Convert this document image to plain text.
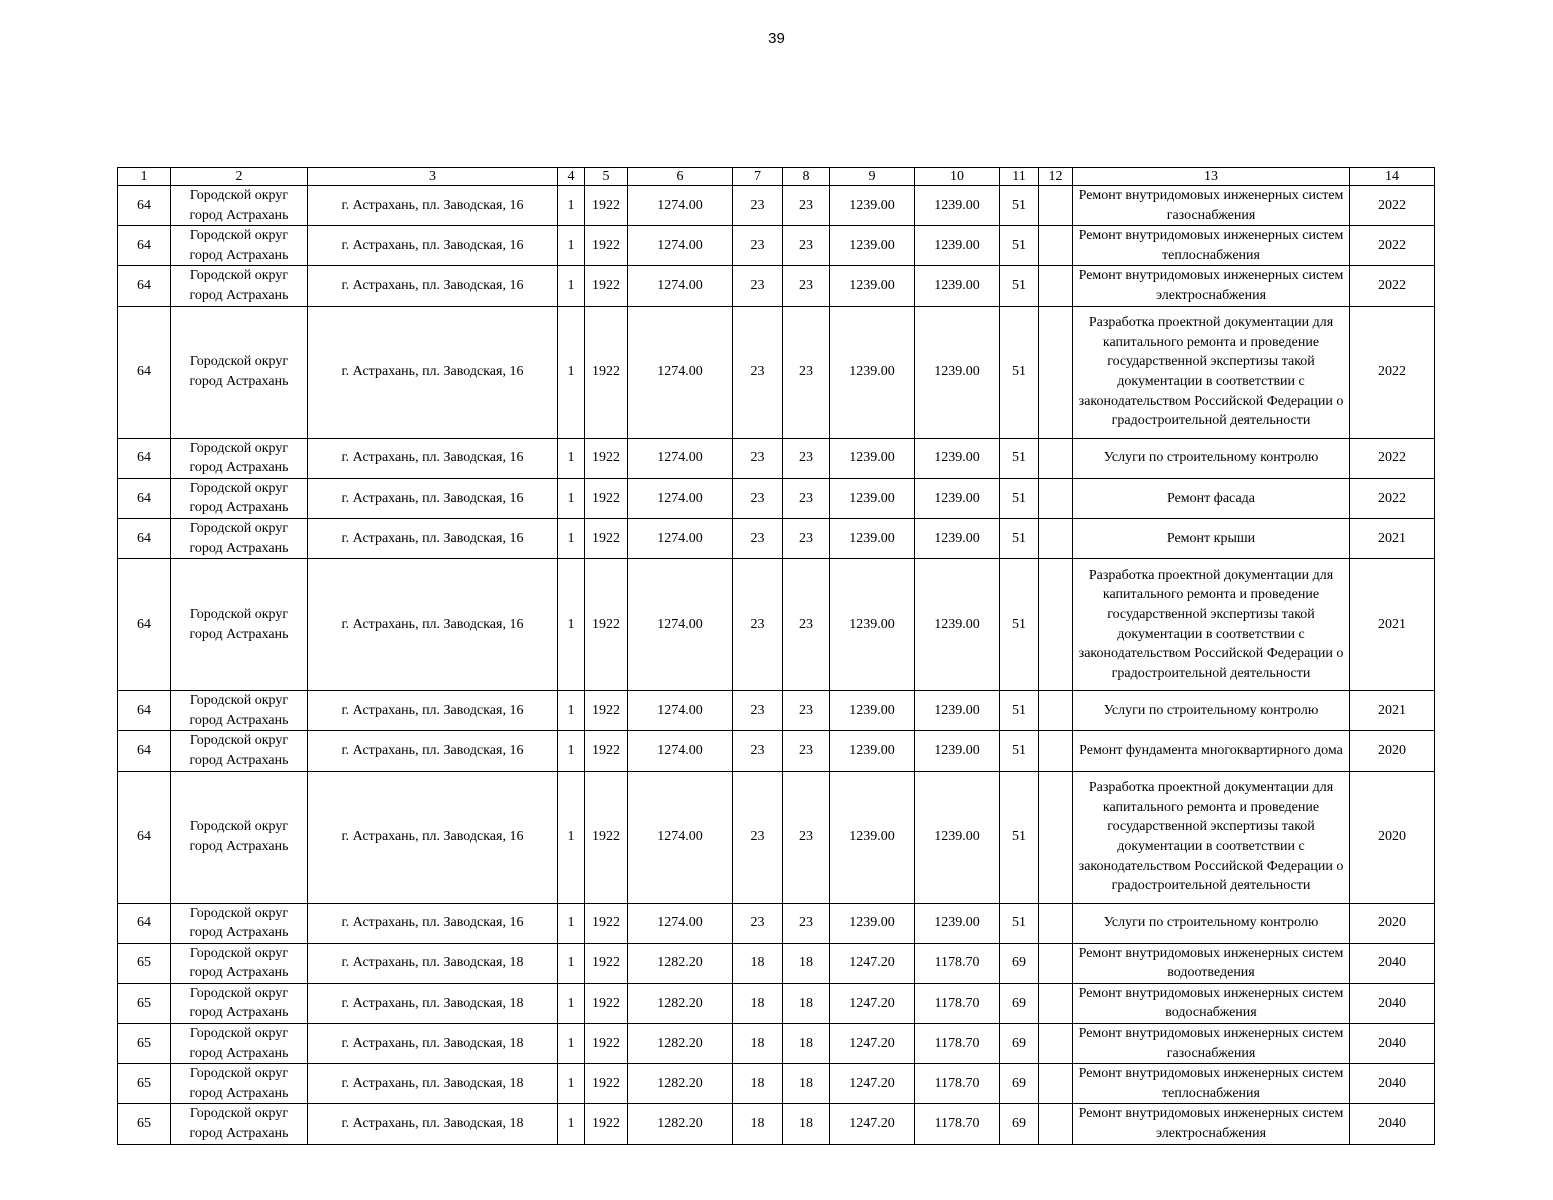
39
1	2	3	4	5	6	7	8	9	10	11	12	13	14
64	Городской округ город Астрахань	г. Астрахань, пл. Заводская, 16	1	1922	1274.00	23	23	1239.00	1239.00	51		Ремонт внутридомовых инженерных систем газоснабжения	2022
64	Городской округ город Астрахань	г. Астрахань, пл. Заводская, 16	1	1922	1274.00	23	23	1239.00	1239.00	51		Ремонт внутридомовых инженерных систем теплоснабжения	2022
64	Городской округ город Астрахань	г. Астрахань, пл. Заводская, 16	1	1922	1274.00	23	23	1239.00	1239.00	51		Ремонт внутридомовых инженерных систем электроснабжения	2022
64	Городской округ город Астрахань	г. Астрахань, пл. Заводская, 16	1	1922	1274.00	23	23	1239.00	1239.00	51		Разработка проектной документации для капитального ремонта и проведение государственной экспертизы такой документации в соответствии с законодательством Российской Федерации о градостроительной деятельности	2022
64	Городской округ город Астрахань	г. Астрахань, пл. Заводская, 16	1	1922	1274.00	23	23	1239.00	1239.00	51		Услуги по строительному контролю	2022
64	Городской округ город Астрахань	г. Астрахань, пл. Заводская, 16	1	1922	1274.00	23	23	1239.00	1239.00	51		Ремонт фасада	2022
64	Городской округ город Астрахань	г. Астрахань, пл. Заводская, 16	1	1922	1274.00	23	23	1239.00	1239.00	51		Ремонт крыши	2021
64	Городской округ город Астрахань	г. Астрахань, пл. Заводская, 16	1	1922	1274.00	23	23	1239.00	1239.00	51		Разработка проектной документации для капитального ремонта и проведение государственной экспертизы такой документации в соответствии с законодательством Российской Федерации о градостроительной деятельности	2021
64	Городской округ город Астрахань	г. Астрахань, пл. Заводская, 16	1	1922	1274.00	23	23	1239.00	1239.00	51		Услуги по строительному контролю	2021
64	Городской округ город Астрахань	г. Астрахань, пл. Заводская, 16	1	1922	1274.00	23	23	1239.00	1239.00	51		Ремонт фундамента многоквартирного дома	2020
64	Городской округ город Астрахань	г. Астрахань, пл. Заводская, 16	1	1922	1274.00	23	23	1239.00	1239.00	51		Разработка проектной документации для капитального ремонта и проведение государственной экспертизы такой документации в соответствии с законодательством Российской Федерации о градостроительной деятельности	2020
64	Городской округ город Астрахань	г. Астрахань, пл. Заводская, 16	1	1922	1274.00	23	23	1239.00	1239.00	51		Услуги по строительному контролю	2020
65	Городской округ город Астрахань	г. Астрахань, пл. Заводская, 18	1	1922	1282.20	18	18	1247.20	1178.70	69		Ремонт внутридомовых инженерных систем водоотведения	2040
65	Городской округ город Астрахань	г. Астрахань, пл. Заводская, 18	1	1922	1282.20	18	18	1247.20	1178.70	69		Ремонт внутридомовых инженерных систем водоснабжения	2040
65	Городской округ город Астрахань	г. Астрахань, пл. Заводская, 18	1	1922	1282.20	18	18	1247.20	1178.70	69		Ремонт внутридомовых инженерных систем газоснабжения	2040
65	Городской округ город Астрахань	г. Астрахань, пл. Заводская, 18	1	1922	1282.20	18	18	1247.20	1178.70	69		Ремонт внутридомовых инженерных систем теплоснабжения	2040
65	Городской округ город Астрахань	г. Астрахань, пл. Заводская, 18	1	1922	1282.20	18	18	1247.20	1178.70	69		Ремонт внутридомовых инженерных систем электроснабжения	2040
